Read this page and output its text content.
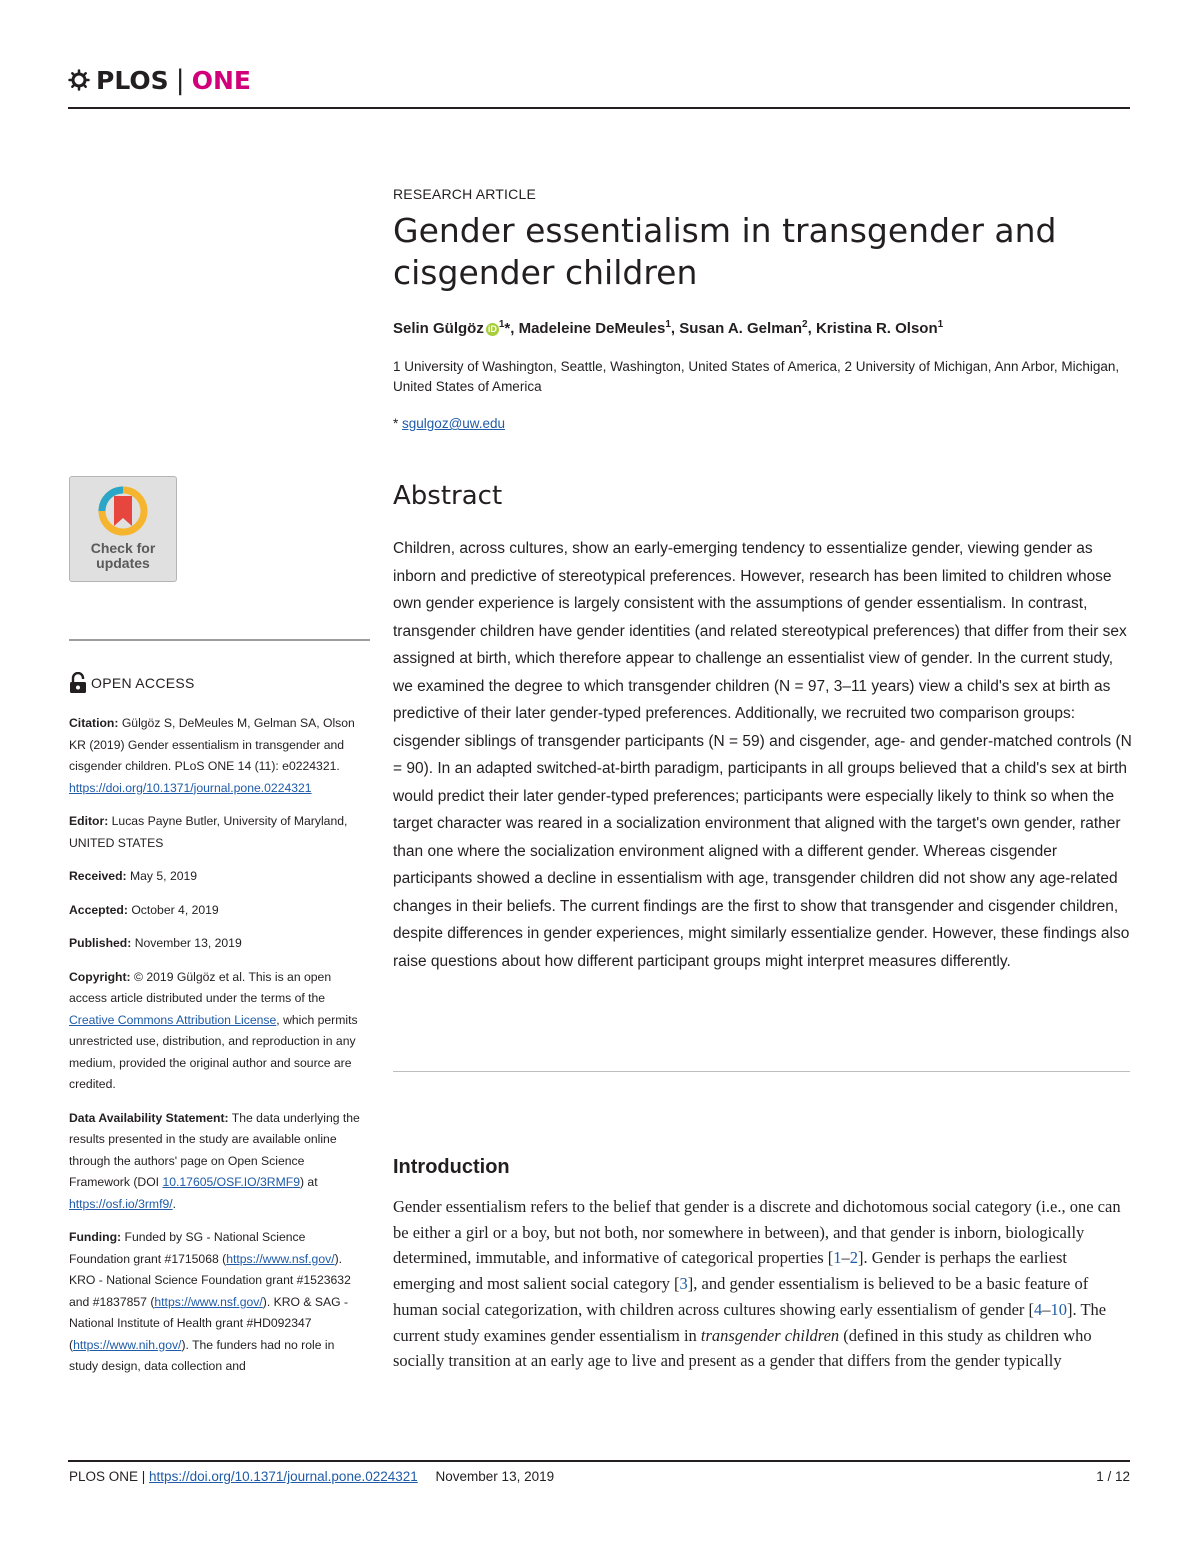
PLOS | ONE
RESEARCH ARTICLE
Gender essentialism in transgender and cisgender children
Selin Gülgöz iD $^1$*, Madeleine DeMeules$^1$, Susan A. Gelman$^2$, Kristina R. Olson$^1$
1 University of Washington, Seattle, Washington, United States of America, 2 University of Michigan, Ann Arbor, Michigan, United States of America
* sgulgoz@uw.edu
Abstract

Children, across cultures, show an early-emerging tendency to essentialize gender, viewing gender as inborn and predictive of stereotypical preferences. However, research has been limited to children whose own gender experience is largely consistent with the assumptions of gender essentialism. In contrast, transgender children have gender identities (and related stereotypical preferences) that differ from their sex assigned at birth, which therefore appear to challenge an essentialist view of gender. In the current study, we examined the degree to which transgender children (N = 97, 3–11 years) view a child's sex at birth as predictive of their later gender-typed preferences. Additionally, we recruited two comparison groups: cisgender siblings of transgender participants (N = 59) and cisgender, age- and gender-matched controls (N = 90). In an adapted switched-at-birth paradigm, participants in all groups believed that a child's sex at birth would predict their later gender-typed preferences; participants were especially likely to think so when the target character was reared in a socialization environment that aligned with the target's own gender, rather than one where the socialization environment aligned with a different gender. Whereas cisgender participants showed a decline in essentialism with age, transgender children did not show any age-related changes in their beliefs. The current findings are the first to show that transgender and cisgender children, despite differences in gender experiences, might similarly essentialize gender. However, these findings also raise questions about how different participant groups might interpret measures differently.

Introduction

Gender essentialism refers to the belief that gender is a discrete and dichotomous social category (i.e., one can be either a girl or a boy, but not both, nor somewhere in between), and that gender is inborn, biologically determined, immutable, and informative of categorical properties [1–2]. Gender is perhaps the earliest emerging and most salient social category [3], and gender essentialism is believed to be a basic feature of human social categorization, with children across cultures showing early essentialism of gender [4–10]. The current study examines gender essentialism in transgender children (defined in this study as children who socially transition at an early age to live and present as a gender that differs from the gender typically

Check for
updates
OPEN ACCESS

Citation: Gülgöz S, DeMeules M, Gelman SA, Olson KR (2019) Gender essentialism in transgender and cisgender children. PLoS ONE 14 (11): e0224321. https://doi.org/10.1371/journal.pone.0224321

Editor: Lucas Payne Butler, University of Maryland, UNITED STATES

Received: May 5, 2019

Accepted: October 4, 2019

Published: November 13, 2019

Copyright: © 2019 Gülgöz et al. This is an open access article distributed under the terms of the Creative Commons Attribution License, which permits unrestricted use, distribution, and reproduction in any medium, provided the original author and source are credited.

Data Availability Statement: The data underlying the results presented in the study are available online through the authors' page on Open Science Framework (DOI 10.17605/OSF.IO/3RMF9) at https://osf.io/3rmf9/.

Funding: Funded by SG - National Science Foundation grant #1715068 (https://www.nsf.gov/). KRO - National Science Foundation grant #1523632 and #1837857 (https://www.nsf.gov/). KRO & SAG - National Institute of Health grant #HD092347 (https://www.nih.gov/). The funders had no role in study design, data collection and

PLOS ONE | https://doi.org/10.1371/journal.pone.0224321 November 13, 2019	1 / 12
